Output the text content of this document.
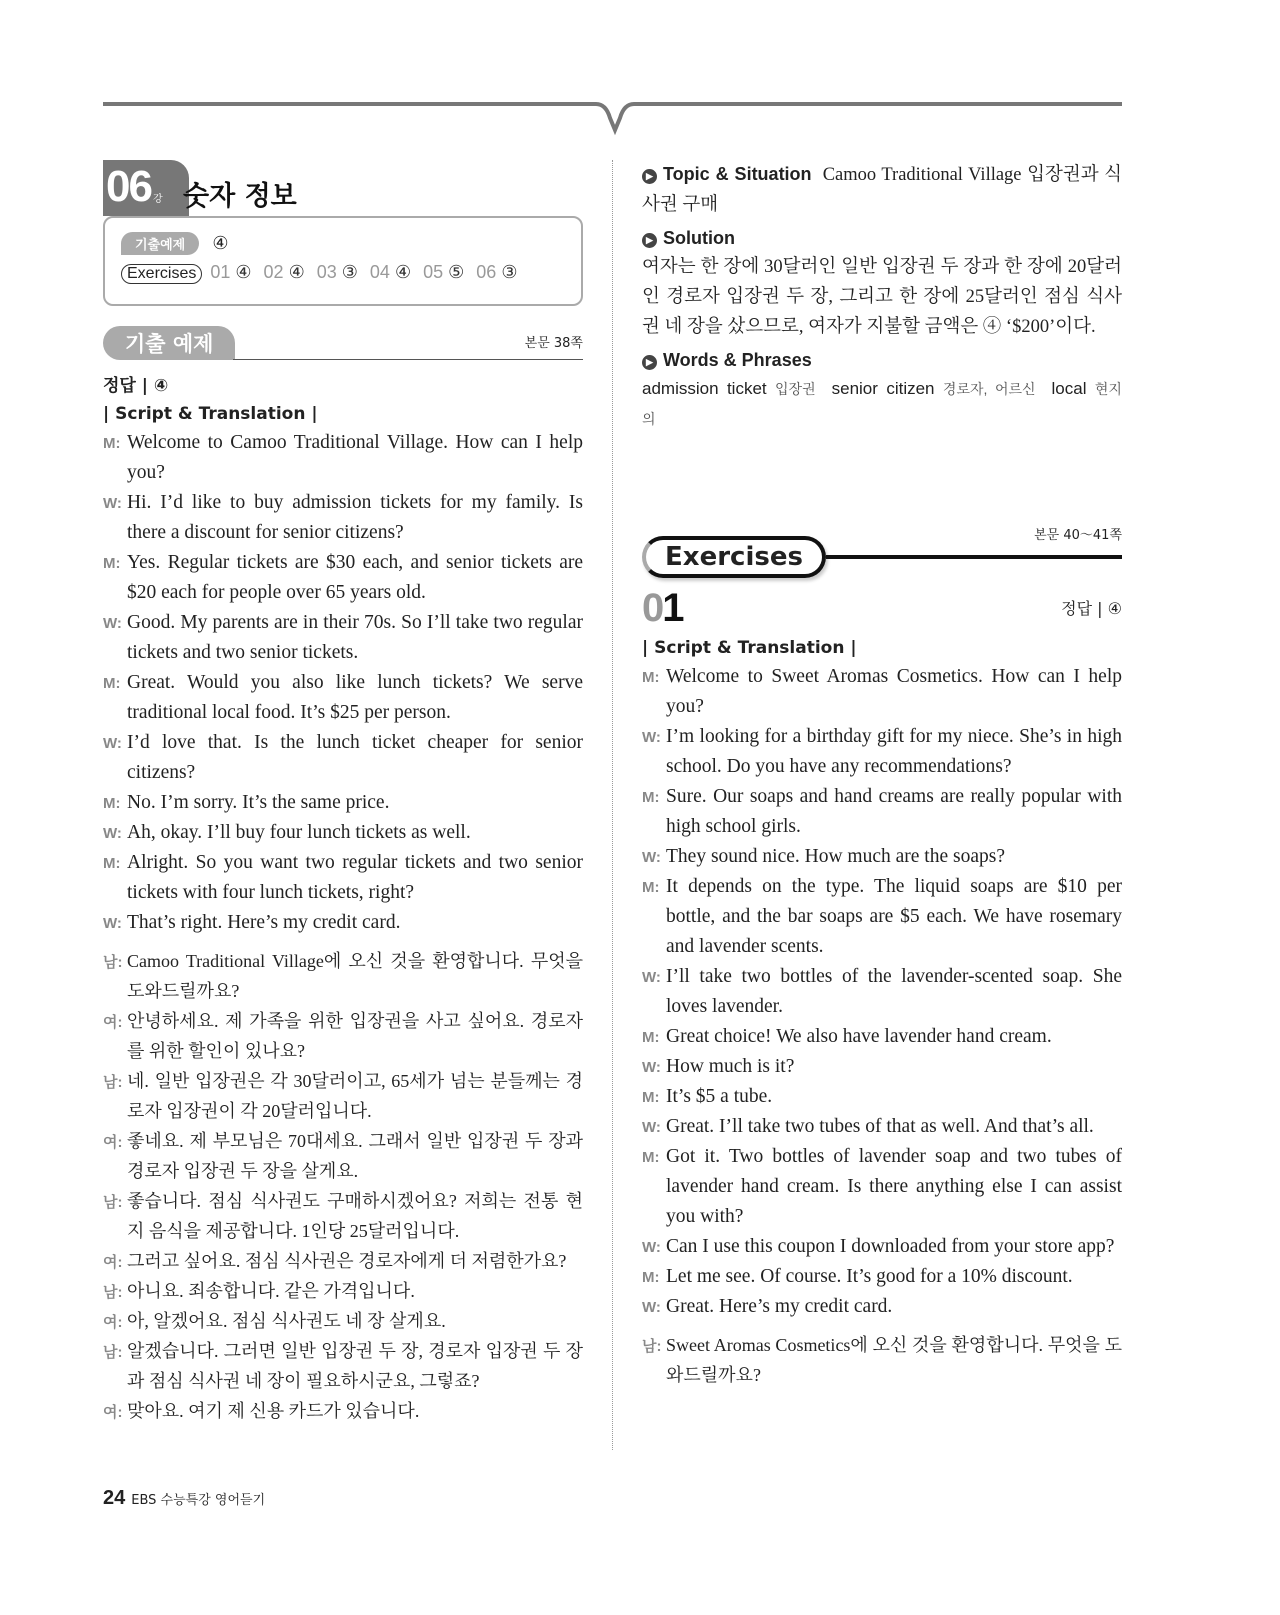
06 강 숫자 정보
기출예제 ④
Exercises 01 ④ 02 ④ 03 ③ 04 ④ 05 ⑤ 06 ③
기출 예제	본문 38쪽
정답 | ④
| Script & Translation |
M: Welcome to Camoo Traditional Village. How can I help you?
W: Hi. I’d like to buy admission tickets for my family. Is there a discount for senior citizens?
M: Yes. Regular tickets are $30 each, and senior tickets are $20 each for people over 65 years old.
W: Good. My parents are in their 70s. So I’ll take two regular tickets and two senior tickets.
M: Great. Would you also like lunch tickets? We serve traditional local food. It’s $25 per person.
W: I’d love that. Is the lunch ticket cheaper for senior citizens?
M: No. I’m sorry. It’s the same price.
W: Ah, okay. I’ll buy four lunch tickets as well.
M: Alright. So you want two regular tickets and two senior tickets with four lunch tickets, right?
W: That’s right. Here’s my credit card.
남: Camoo Traditional Village에 오신 것을 환영합니다. 무엇을 도와드릴까요?
여: 안녕하세요. 제 가족을 위한 입장권을 사고 싶어요. 경로자를 위한 할인이 있나요?
남: 네. 일반 입장권은 각 30달러이고, 65세가 넘는 분들께는 경로자 입장권이 각 20달러입니다.
여: 좋네요. 제 부모님은 70대세요. 그래서 일반 입장권 두 장과 경로자 입장권 두 장을 살게요.
남: 좋습니다. 점심 식사권도 구매하시겠어요? 저희는 전통 현지 음식을 제공합니다. 1인당 25달러입니다.
여: 그러고 싶어요. 점심 식사권은 경로자에게 더 저렴한가요?
남: 아니요. 죄송합니다. 같은 가격입니다.
여: 아, 알겠어요. 점심 식사권도 네 장 살게요.
남: 알겠습니다. 그러면 일반 입장권 두 장, 경로자 입장권 두 장과 점심 식사권 네 장이 필요하시군요, 그렇죠?
여: 맞아요. 여기 제 신용 카드가 있습니다.
▶ Topic & Situation Camoo Traditional Village 입장권과 식사권 구매
▶ Solution
여자는 한 장에 30달러인 일반 입장권 두 장과 한 장에 20달러인 경로자 입장권 두 장, 그리고 한 장에 25달러인 점심 식사권 네 장을 샀으므로, 여자가 지불할 금액은 ④ ‘$200’이다.
▶ Words & Phrases
admission ticket 입장권 senior citizen 경로자, 어르신 local 현지의
Exercises
본문 40～41쪽
01	정답 | ④
| Script & Translation |
M: Welcome to Sweet Aromas Cosmetics. How can I help you?
W: I’m looking for a birthday gift for my niece. She’s in high school. Do you have any recommendations?
M: Sure. Our soaps and hand creams are really popular with high school girls.
W: They sound nice. How much are the soaps?
M: It depends on the type. The liquid soaps are $10 per bottle, and the bar soaps are $5 each. We have rosemary and lavender scents.
W: I’ll take two bottles of the lavender-scented soap. She loves lavender.
M: Great choice! We also have lavender hand cream.
W: How much is it?
M: It’s $5 a tube.
W: Great. I’ll take two tubes of that as well. And that’s all.
M: Got it. Two bottles of lavender soap and two tubes of lavender hand cream. Is there anything else I can assist you with?
W: Can I use this coupon I downloaded from your store app?
M: Let me see. Of course. It’s good for a 10% discount.
W: Great. Here’s my credit card.
남: Sweet Aromas Cosmetics에 오신 것을 환영합니다. 무엇을 도와드릴까요?
24 EBS 수능특강 영어듣기
